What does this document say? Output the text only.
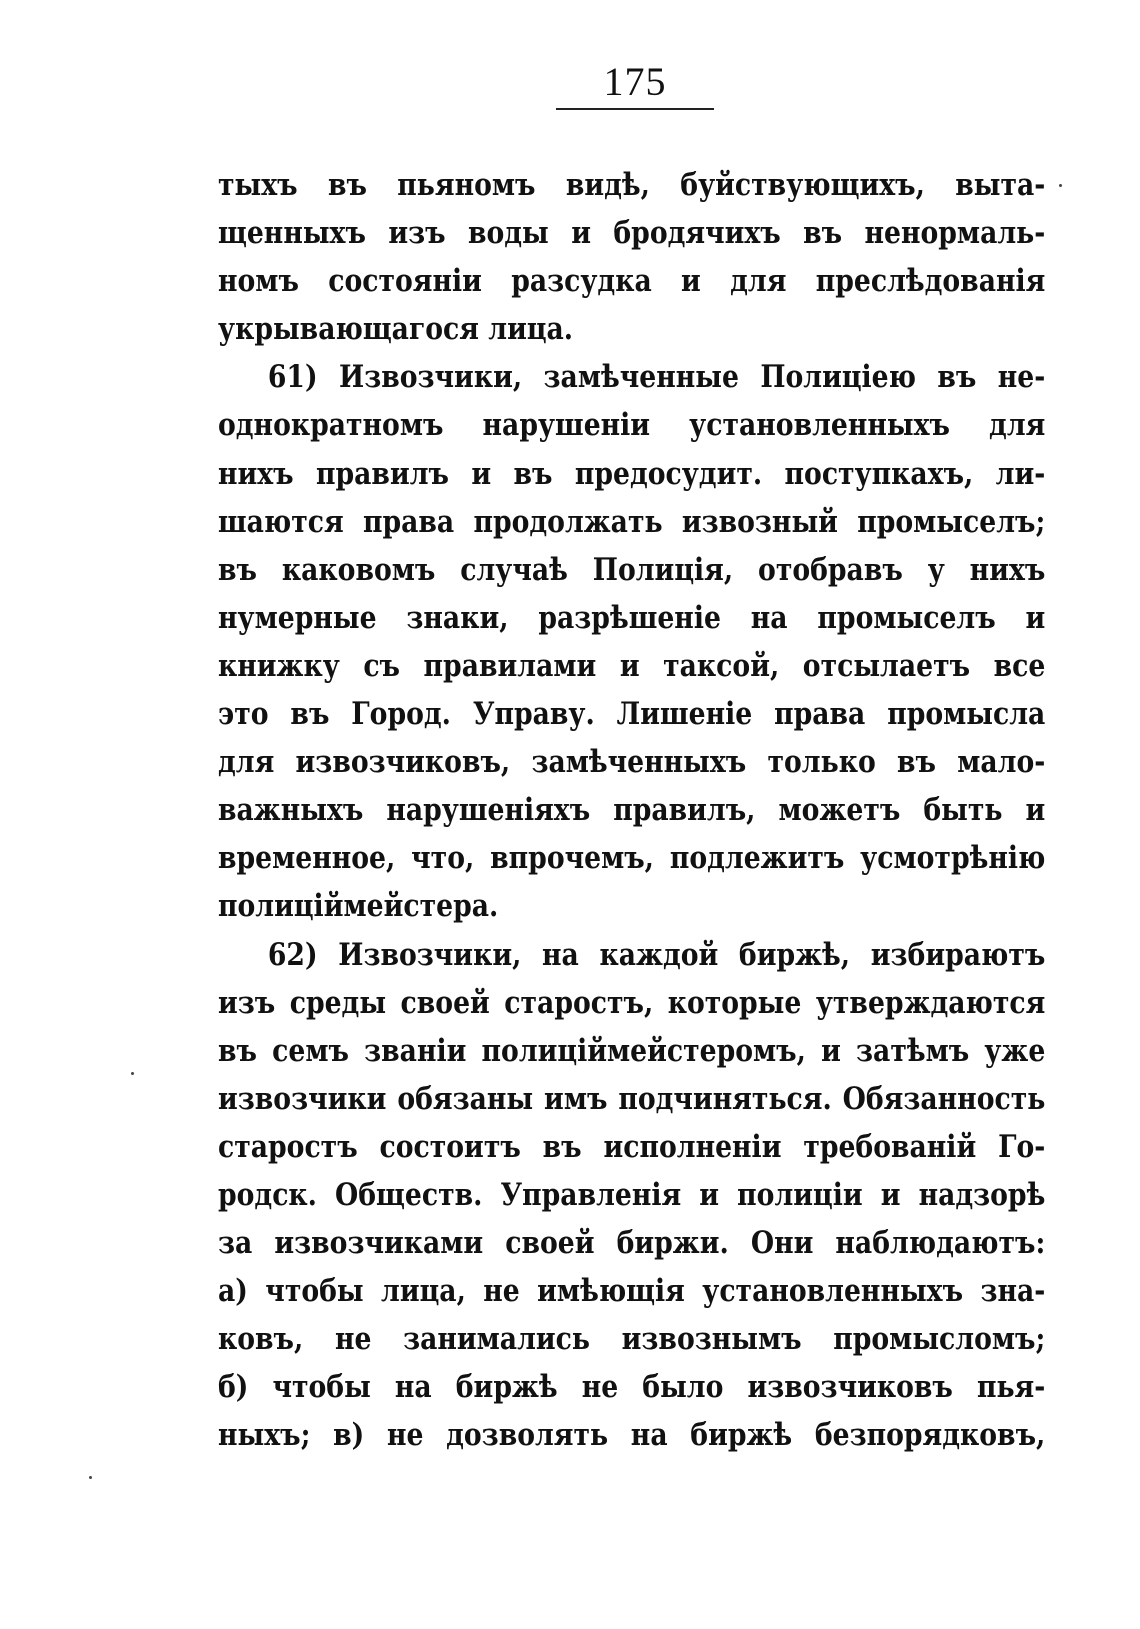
175
тыхъ въ пьяномъ видѣ, буйствующихъ, выта-
щенныхъ изъ воды и бродячихъ въ ненормаль-
номъ состояніи разсудка и для преслѣдованія
укрывающагося лица.
61) Извозчики, замѣченные Полиціею въ не-
однократномъ нарушеніи установленныхъ для
нихъ правилъ и въ предосудит. поступкахъ, ли-
шаются права продолжать извозный промыселъ;
въ каковомъ случаѣ Полиція, отобравъ у нихъ
нумерные знаки, разрѣшеніе на промыселъ и
книжку съ правилами и таксой, отсылаетъ все
это въ Город. Управу. Лишеніе права промысла
для извозчиковъ, замѣченныхъ только въ мало-
важныхъ нарушеніяхъ правилъ, можетъ быть и
временное, что, впрочемъ, подлежитъ усмотрѣнію
полиціймейстера.
62) Извозчики, на каждой биржѣ, избираютъ
изъ среды своей старостъ, которые утверждаются
въ семъ званіи полиціймейстеромъ, и затѣмъ уже
извозчики обязаны имъ подчиняться. Обязанность
старостъ состоитъ въ исполненіи требованій Го-
родск. Обществ. Управленія и полиціи и надзорѣ
за извозчиками своей биржи. Они наблюдаютъ:
а) чтобы лица, не имѣющія установленныхъ зна-
ковъ, не занимались извознымъ промысломъ;
б) чтобы на биржѣ не было извозчиковъ пья-
ныхъ; в) не дозволять на биржѣ безпорядковъ,
